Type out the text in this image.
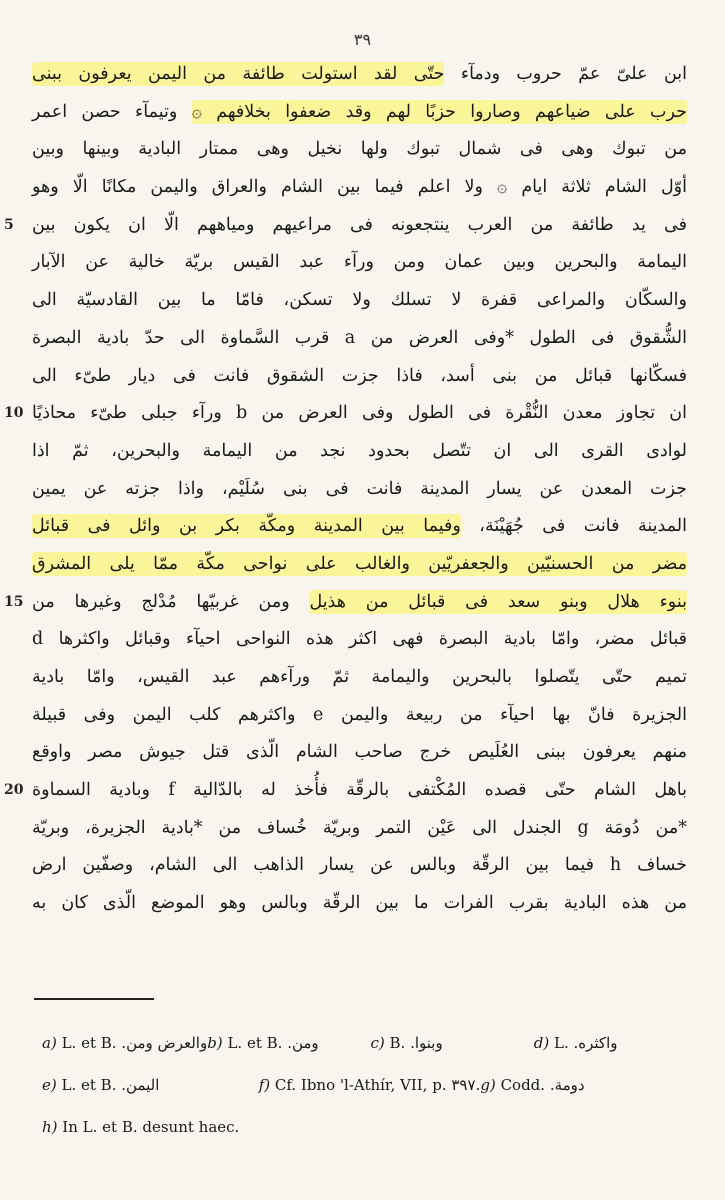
٣٩
ابن علىّ عمّ حروب ودمآء حتّى لقد استولت طائفة من اليمن يعرفون ببنى
حرب على ضياعهم وصاروا حزبًا لهم وقد ضعفوا بخلافهم ۞ وتيمآء حصن اعمر
من تبوك وهى فى شمال تبوك ولها نخيل وهى ممتار البادية وبينها وبين
أوّل الشام ثلاثة ايام ۞ ولا اعلم فيما بين الشام والعراق واليمن مكانًا الّا وهو
فى يد طائفة من العرب ينتجعونه فى مراعيهم ومياههم الّا ان يكون بين
5
اليمامة والبحرين وبين عمان ومن ورآء عبد القيس بريّة خالية عن الآبار
والسكّان والمراعى قفرة لا تسلك ولا تسكن، فامّا ما بين القادسيّة الى
الشُّقوق فى الطول *وفى العرض من a قرب السَّماوة الى حدّ بادية البصرة
فسكّانها قبائل من بنى أسد، فاذا جزت الشقوق فانت فى ديار طىّء الى
ان تجاوز معدن النُّقْرة فى الطول وفى العرض من b ورآء جبلى طىّء محاذيًا
10
لوادى القرى الى ان تتّصل بحدود نجد من اليمامة والبحرين، ثمّ اذا
جزت المعدن عن يسار المدينة فانت فى بنى سُلَيْم، واذا جزته عن يمين
المدينة فانت فى جُهَيْنَة، وفيما بين المدينة ومكّة بكر بن وائل فى قبائل
مضر من الحسنيّين والجعفريّين والغالب على نواحى مكّة ممّا يلى المشرق
بنوء هلال وبنو سعد فى قبائل من هذيل ومن غربيّها مُدْلج وغيرها من
15
قبائل مضر، وامّا بادية البصرة فهى اكثر هذه النواحى احيآء وقبائل واكثرها d
تميم حتّى يتّصلوا بالبحرين واليمامة ثمّ ورآءهم عبد القيس، وامّا بادية
الجزيرة فانّ بها احيآء من ربيعة واليمن e واكثرهم كلب اليمن وفى قبيلة
منهم يعرفون ببنى العُلَيص خرج صاحب الشام الّذى قتل جيوش مصر واوقع
باهل الشام حتّى قصده المُكْتفى بالرقّة فأُخذ له بالدّالية f وبادية السماوة
20
*من دُومَة g الجندل الى عَيْن التمر وبريّة خُساف من *بادية الجزيرة، وبريّة
خساف h فيما بين الرقّة وبالس عن يسار الذاهب الى الشام، وصفّين ارض
من هذه البادية بقرب الفرات ما بين الرقّة وبالس وهو الموضع الّذى كان به
a) L. et B. والعرض ومن. b) L. et B. ومن.	c) B. وبنوا.	d) L. واكثره.
e) L. et B. اليمن.	f) Cf. Ibno 'l-Athír, VII, p. ٣٩٧. g) Codd. دومة.
h) In L. et B. desunt haec.
